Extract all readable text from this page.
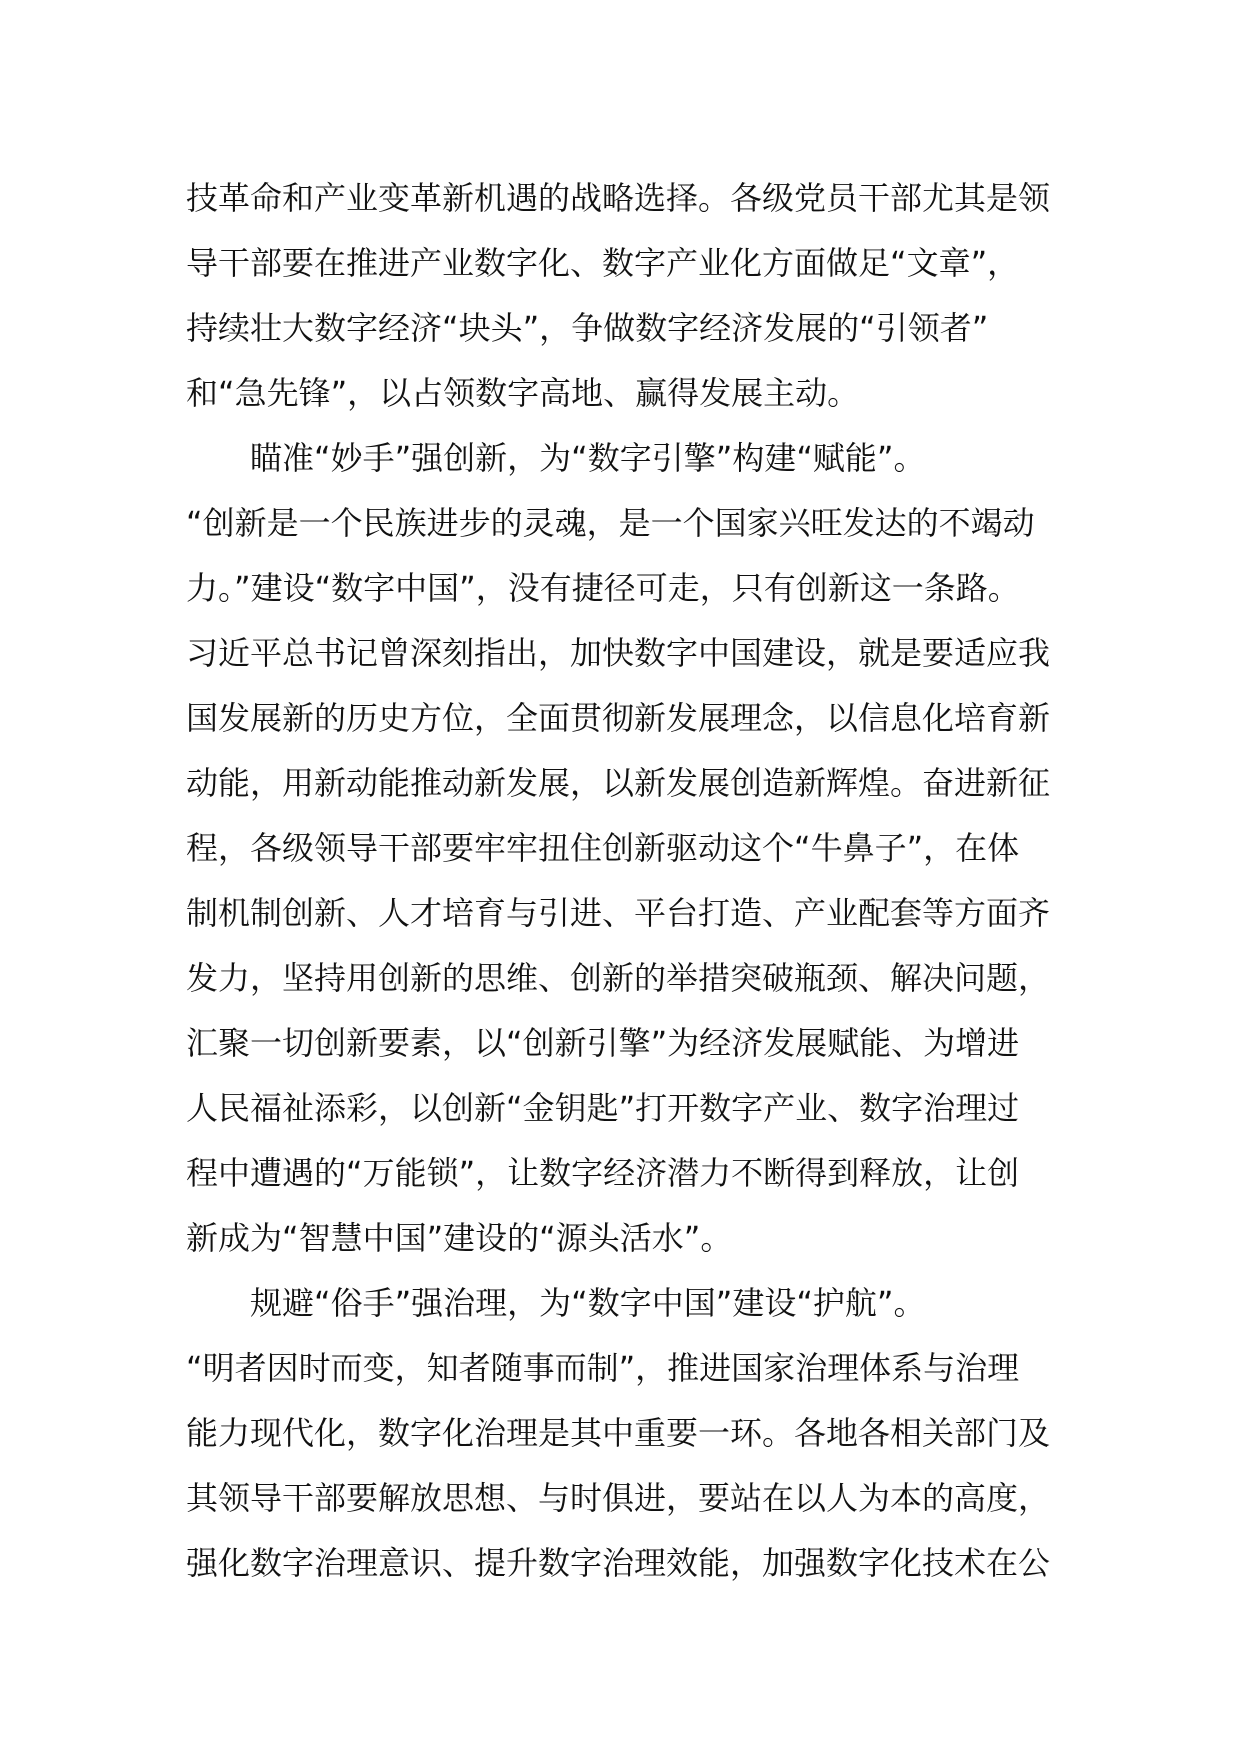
技革命和产业变革新机遇的战略选择。各级党员干部尤其是领
导干部要在推进产业数字化、数字产业化方面做足“文章”，
持续壮大数字经济“块头”，争做数字经济发展的“引领者”
和“急先锋”，以占领数字高地、赢得发展主动。
　　瞄准“妙手”强创新，为“数字引擎”构建“赋能”。
“创新是一个民族进步的灵魂，是一个国家兴旺发达的不竭动
力。”建设“数字中国”，没有捷径可走，只有创新这一条路。
习近平总书记曾深刻指出，加快数字中国建设，就是要适应我
国发展新的历史方位，全面贯彻新发展理念，以信息化培育新
动能，用新动能推动新发展，以新发展创造新辉煌。奋进新征
程，各级领导干部要牢牢扭住创新驱动这个“牛鼻子”，在体
制机制创新、人才培育与引进、平台打造、产业配套等方面齐
发力，坚持用创新的思维、创新的举措突破瓶颈、解决问题，
汇聚一切创新要素，以“创新引擎”为经济发展赋能、为增进
人民福祉添彩，以创新“金钥匙”打开数字产业、数字治理过
程中遭遇的“万能锁”，让数字经济潜力不断得到释放，让创
新成为“智慧中国”建设的“源头活水”。
　　规避“俗手”强治理，为“数字中国”建设“护航”。
“明者因时而变，知者随事而制”，推进国家治理体系与治理
能力现代化，数字化治理是其中重要一环。各地各相关部门及
其领导干部要解放思想、与时俱进，要站在以人为本的高度，
强化数字治理意识、提升数字治理效能，加强数字化技术在公
